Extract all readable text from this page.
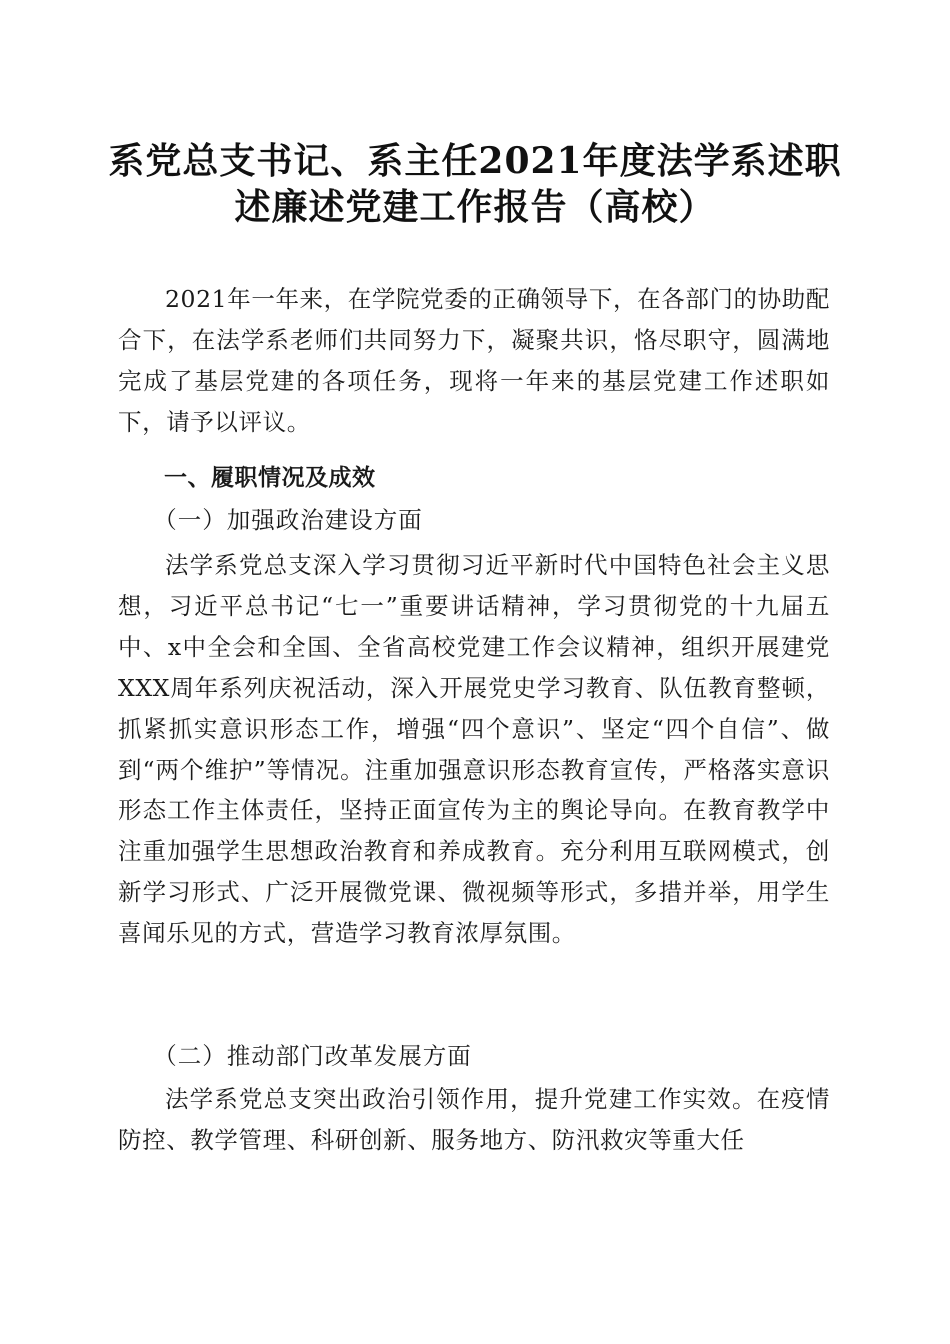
系党总支书记、系主任2021年度法学系述职
述廉述党建工作报告（高校）

2021年一年来，在学院党委的正确领导下，在各部门的协助配合下，在法学系老师们共同努力下，凝聚共识，恪尽职守，圆满地完成了基层党建的各项任务，现将一年来的基层党建工作述职如下，请予以评议。

一、履职情况及成效

（一）加强政治建设方面

法学系党总支深入学习贯彻习近平新时代中国特色社会主义思想，习近平总书记“七一”重要讲话精神，学习贯彻党的十九届五中、x中全会和全国、全省高校党建工作会议精神，组织开展建党XXX周年系列庆祝活动，深入开展党史学习教育、队伍教育整顿，抓紧抓实意识形态工作，增强“四个意识”、坚定“四个自信”、做到“两个维护”等情况。注重加强意识形态教育宣传，严格落实意识形态工作主体责任，坚持正面宣传为主的舆论导向。在教育教学中注重加强学生思想政治教育和养成教育。充分利用互联网模式，创新学习形式、广泛开展微党课、微视频等形式，多措并举，用学生喜闻乐见的方式，营造学习教育浓厚氛围。

（二）推动部门改革发展方面

法学系党总支突出政治引领作用，提升党建工作实效。在疫情防控、教学管理、科研创新、服务地方、防汛救灾等重大任
